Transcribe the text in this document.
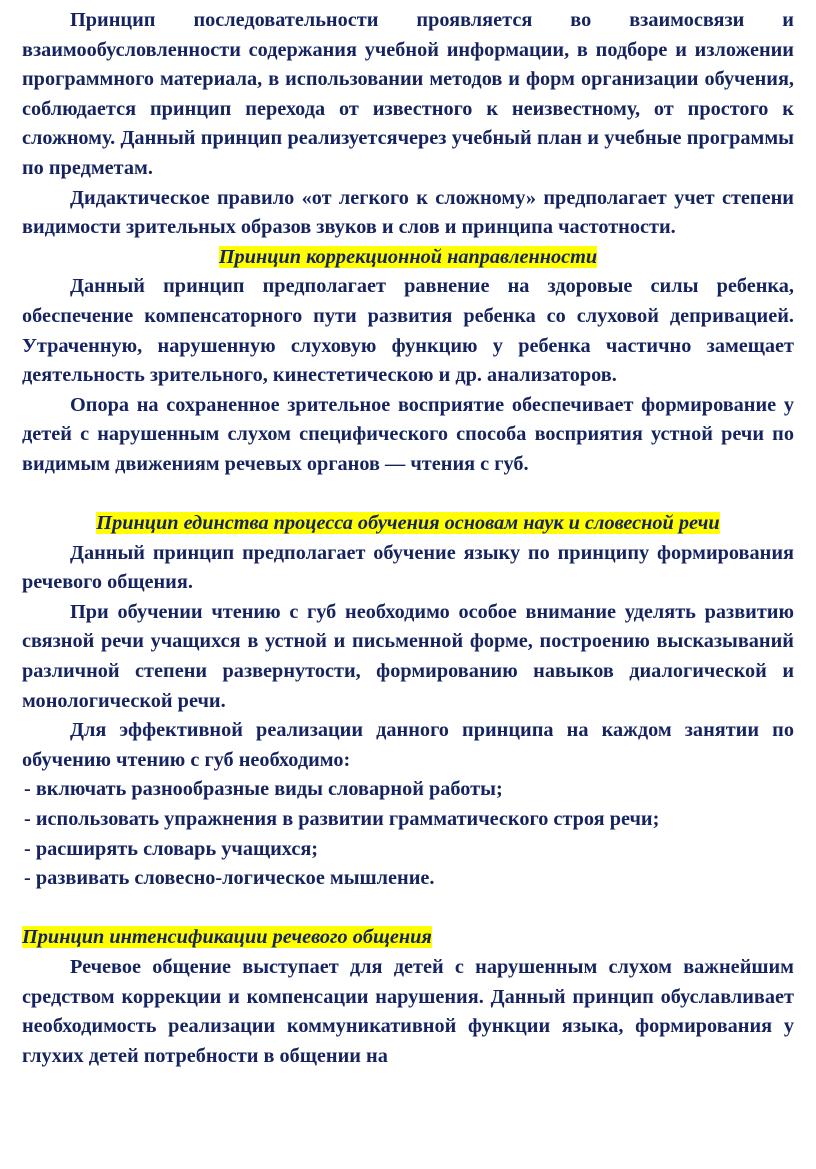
Принцип последовательности проявляется во взаимосвязи и взаимообусловленности содержания учебной информации, в подборе и изложении программного материала, в использовании методов и форм организации обучения, соблюдается принцип перехода от известного к неизвестному, от простого к сложному. Данный принцип реализуетсячерез учебный план и учебные программы по предметам.

Дидактическое правило «от легкого к сложному» предполагает учет степени видимости зрительных образов звуков и слов и принципа частотности.

Принцип коррекционной направленности

Данный принцип предполагает равнение на здоровые силы ребенка, обеспечение компенсаторного пути развития ребенка со слуховой депривацией. Утраченную, нарушенную слуховую функцию у ребенка частично замещает деятельность зрительного, кинестетическою и др. анализаторов.

Опора на сохраненное зрительное восприятие обеспечивает формирование у детей с нарушенным слухом специфического способа восприятия устной речи по видимым движениям речевых органов — чтения с губ.

Принцип единства процесса обучения основам наук и словесной речи

Данный принцип предполагает обучение языку по принципу формирования речевого общения.

При обучении чтению с губ необходимо особое внимание уделять развитию связной речи учащихся в устной и письменной форме, построению высказываний различной степени развернутости, формированию навыков диалогической и монологической речи.

Для эффективной реализации данного принципа на каждом занятии по обучению чтению с губ необходимо:

- включать разнообразные виды словарной работы;
- использовать упражнения в развитии грамматического строя речи;
- расширять словарь учащихся;
- развивать словесно-логическое мышление.

Принцип интенсификации речевого общения

Речевое общение выступает для детей с нарушенным слухом важнейшим средством коррекции и компенсации нарушения. Данный принцип обуславливает необходимость реализации коммуникативной функции языка, формирования у глухих детей потребности в общении на
